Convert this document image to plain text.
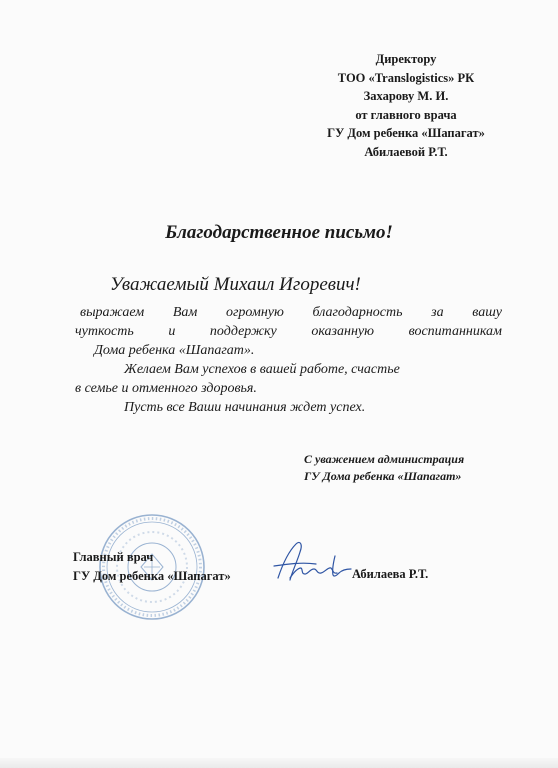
Директору
ТОО «Translogistics» РК
Захарову М. И.
от главного врача
ГУ Дом ребенка «Шапагат»
Абилаевой Р.Т.
Благодарственное письмо!
Уважаемый Михаил Игоревич!
выражаем Вам огромную благодарность за вашу
чуткость и поддержку оказанную воспитанникам
Дома ребенка «Шапагат».
Желаем Вам успехов в вашей работе, счастье
в семье и отменного здоровья.
Пусть все Ваши начинания ждет успех.
С уважением администрация
ГУ Дома ребенка «Шапагат»
Главный врач
ГУ Дом ребенка «Шапагат»	Абилаева Р.Т.
